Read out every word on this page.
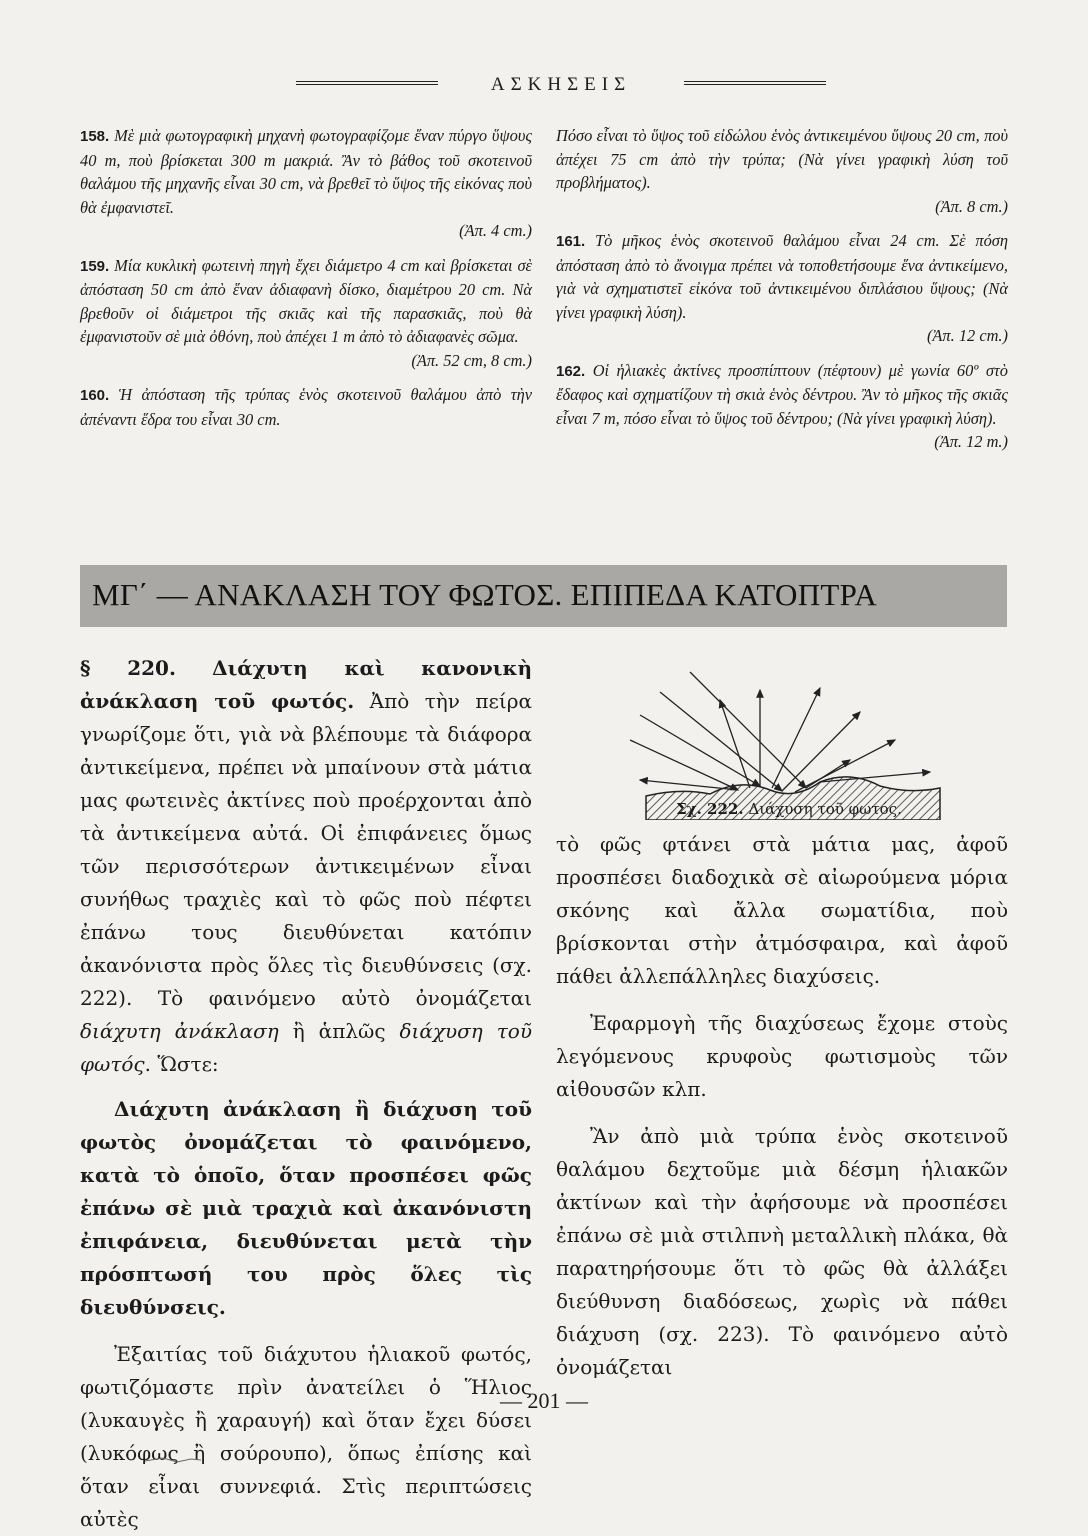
ΑΣΚΗΣΕΙΣ

158. Μὲ μιὰ φωτογραφικὴ μηχανὴ φωτογραφίζομε ἕναν πύργο ὕψους 40 m, ποὺ βρίσκεται 300 m μακριά. Ἂν τὸ βάθος τοῦ σκοτεινοῦ θαλάμου τῆς μηχανῆς εἶναι 30 cm, νὰ βρεθεῖ τὸ ὕψος τῆς εἰκόνας ποὺ θὰ ἐμφανιστεῖ.
(Ἀπ. 4 cm.)

159. Μία κυκλικὴ φωτεινὴ πηγὴ ἔχει διάμετρο 4 cm καὶ βρίσκεται σὲ ἀπόσταση 50 cm ἀπὸ ἕναν ἀδιαφανὴ δίσκο, διαμέτρου 20 cm. Νὰ βρεθοῦν οἱ διάμετροι τῆς σκιᾶς καὶ τῆς παρασκιᾶς, ποὺ θὰ ἐμφανιστοῦν σὲ μιὰ ὀθόνη, ποὺ ἀπέχει 1 m ἀπὸ τὸ ἀδιαφανὲς σῶμα.
(Ἀπ. 52 cm, 8 cm.)

160. Ἡ ἀπόσταση τῆς τρύπας ἑνὸς σκοτεινοῦ θαλάμου ἀπὸ τὴν ἀπέναντι ἕδρα του εἶναι 30 cm.

Πόσο εἶναι τὸ ὕψος τοῦ εἰδώλου ἑνὸς ἀντικειμένου ὕψους 20 cm, ποὺ ἀπέχει 75 cm ἀπὸ τὴν τρύπα; (Νὰ γίνει γραφικὴ λύση τοῦ προβλήματος).
(Ἀπ. 8 cm.)

161. Τὸ μῆκος ἑνὸς σκοτεινοῦ θαλάμου εἶναι 24 cm. Σὲ πόση ἀπόσταση ἀπὸ τὸ ἄνοιγμα πρέπει νὰ τοποθετήσουμε ἕνα ἀντικείμενο, γιὰ νὰ σχηματιστεῖ εἰκόνα τοῦ ἀντικειμένου διπλάσιου ὕψους; (Νὰ γίνει γραφικὴ λύση).
(Ἀπ. 12 cm.)

162. Οἱ ἡλιακὲς ἀκτίνες προσπίπτουν (πέφτουν) μὲ γωνία 60º στὸ ἔδαφος καὶ σχηματίζουν τὴ σκιὰ ἑνὸς δέντρου. Ἂν τὸ μῆκος τῆς σκιᾶς εἶναι 7 m, πόσο εἶναι τὸ ὕψος τοῦ δέντρου; (Νὰ γίνει γραφικὴ λύση).
(Ἀπ. 12 m.)

ΜΓ΄ — ΑΝΑΚΛΑΣΗ ΤΟΥ ΦΩΤΟΣ. ΕΠΙΠΕΔΑ ΚΑΤΟΠΤΡΑ

§ 220. Διάχυτη καὶ κανονικὴ ἀνάκλαση τοῦ φωτός. Ἀπὸ τὴν πείρα γνωρίζομε ὅτι, γιὰ νὰ βλέπουμε τὰ διάφορα ἀντικείμενα, πρέπει νὰ μπαίνουν στὰ μάτια μας φωτεινὲς ἀκτίνες ποὺ προέρχονται ἀπὸ τὰ ἀντικείμενα αὐτά. Οἱ ἐπιφάνειες ὅμως τῶν περισσότερων ἀντικειμένων εἶναι συνήθως τραχιὲς καὶ τὸ φῶς ποὺ πέφτει ἐπάνω τους διευθύνεται κατόπιν ἀκανόνιστα πρὸς ὅλες τὶς διευθύνσεις (σχ. 222). Τὸ φαινόμενο αὐτὸ ὀνομάζεται διάχυτη ἀνάκλαση ἢ ἁπλῶς διάχυση τοῦ φωτός. Ὥστε:

Διάχυτη ἀνάκλαση ἢ διάχυση τοῦ φωτὸς ὀνομάζεται τὸ φαινόμενο, κατὰ τὸ ὁποῖο, ὅταν προσπέσει φῶς ἐπάνω σὲ μιὰ τραχιὰ καὶ ἀκανόνιστη ἐπιφάνεια, διευθύνεται μετὰ τὴν πρόσπτωσή του πρὸς ὅλες τὶς διευθύνσεις.

Ἐξαιτίας τοῦ διάχυτου ἡλιακοῦ φωτός, φωτιζόμαστε πρὶν ἀνατείλει ὁ Ἥλιος (λυκαυγὲς ἢ χαραυγή) καὶ ὅταν ἔχει δύσει (λυκόφως ἢ σούρουπο), ὅπως ἐπίσης καὶ ὅταν εἶναι συννεφιά. Στὶς περιπτώσεις αὐτὲς

Σχ. 222. Διάχυση τοῦ φωτός.

τὸ φῶς φτάνει στὰ μάτια μας, ἀφοῦ προσπέσει διαδοχικὰ σὲ αἰωρούμενα μόρια σκόνης καὶ ἄλλα σωματίδια, ποὺ βρίσκονται στὴν ἀτμόσφαιρα, καὶ ἀφοῦ πάθει ἀλλεπάλληλες διαχύσεις.

Ἐφαρμογὴ τῆς διαχύσεως ἔχομε στοὺς λεγόμενους κρυφοὺς φωτισμοὺς τῶν αἰθουσῶν κλπ.

Ἂν ἀπὸ μιὰ τρύπα ἑνὸς σκοτεινοῦ θαλάμου δεχτοῦμε μιὰ δέσμη ἡλιακῶν ἀκτίνων καὶ τὴν ἀφήσουμε νὰ προσπέσει ἐπάνω σὲ μιὰ στιλπνὴ μεταλλικὴ πλάκα, θὰ παρατηρήσουμε ὅτι τὸ φῶς θὰ ἀλλάξει διεύθυνση διαδόσεως, χωρὶς νὰ πάθει διάχυση (σχ. 223). Τὸ φαινόμενο αὐτὸ ὀνομάζεται

— 201 —
